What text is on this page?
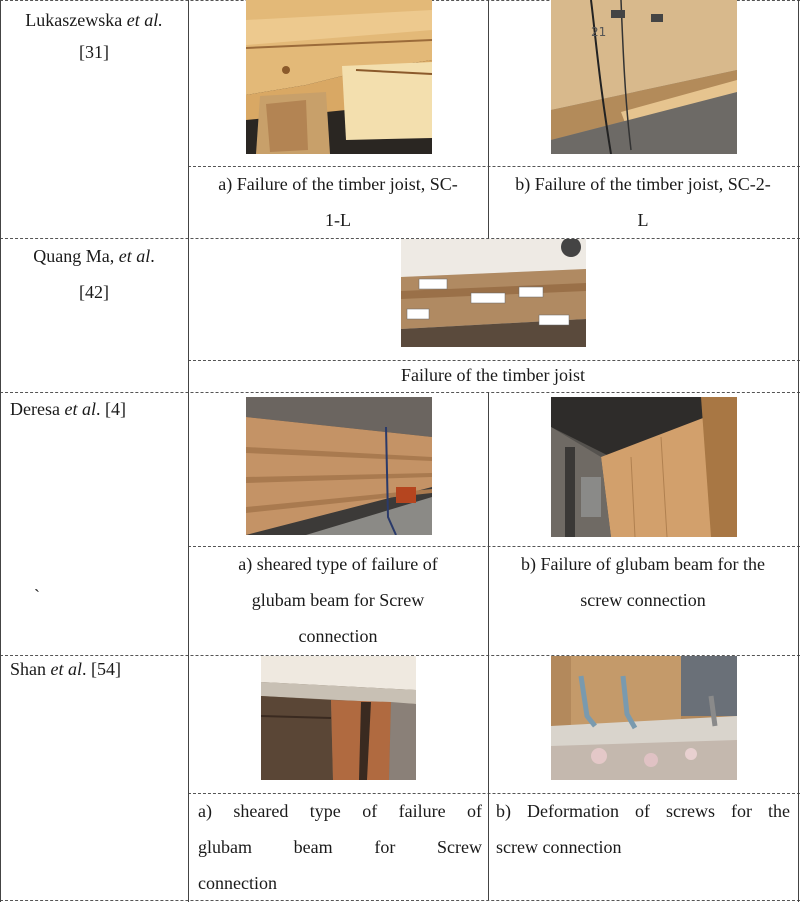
Lukaszewska et al.
[31]
21
a) Failure of the timber joist, SC-
1-L
b) Failure of the timber joist, SC-2-
L
Quang Ma, et al.
[42]
Failure of the timber joist
Deresa et al. [4]
`
a) sheared type of failure of
glubam beam for Screw
connection
b) Failure of glubam beam for the
screw connection
Shan et al. [54]
a) sheared type of failure of
glubam beam for Screw
connection
b) Deformation of screws for the
screw connection
